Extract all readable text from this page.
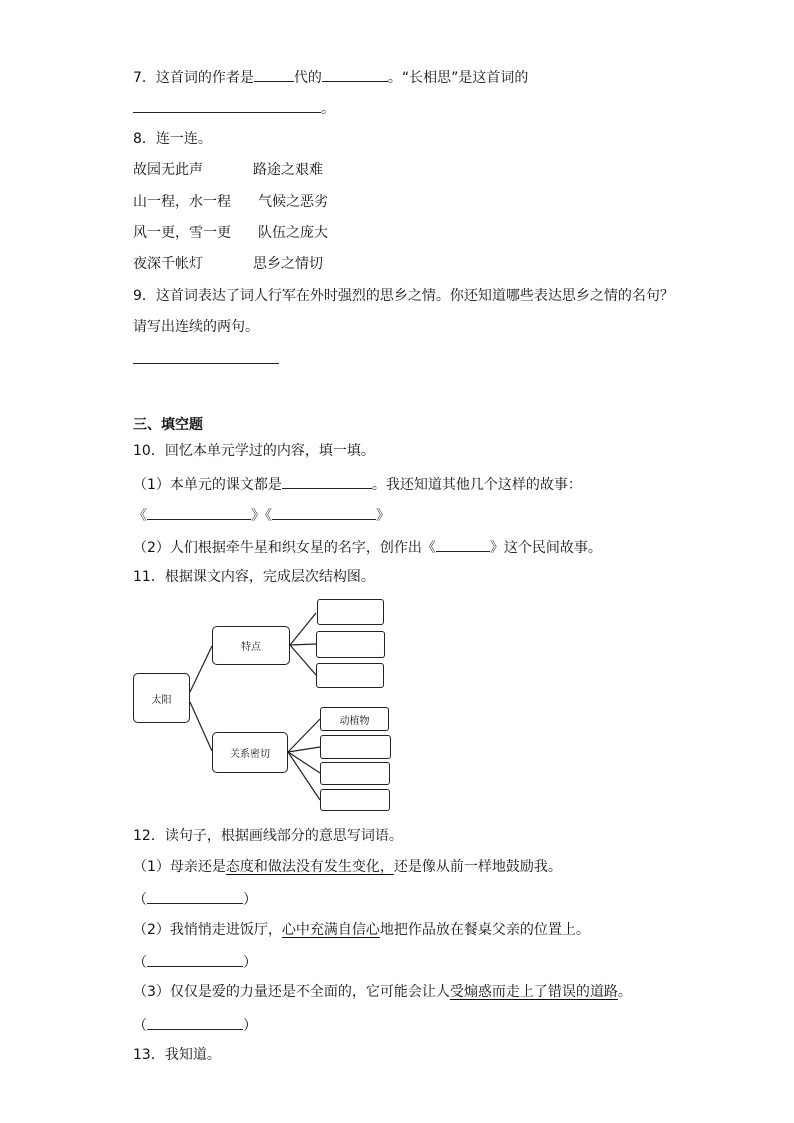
7．这首词的作者是	代的	。“长相思”是这首词的
。
8．连一连。
故园无此声	路途之艰难
山一程，水一程 气候之恶劣
风一更，雪一更 队伍之庞大
夜深千帐灯	思乡之情切
9．这首词表达了词人行军在外时强烈的思乡之情。你还知道哪些表达思乡之情的名句？
请写出连续的两句。
三、填空题
10．回忆本单元学过的内容，填一填。
（1）本单元的课文都是	。我还知道其他几个这样的故事：
《	》《	》
（2）人们根据牵牛星和织女星的名字，创作出《	》这个民间故事。
11．根据课文内容，完成层次结构图。
太阳
特点
关系密切
动植物
12．读句子，根据画线部分的意思写词语。
（1）母亲还是态度和做法没有发生变化，还是像从前一样地鼓励我。
（	）
（2）我悄悄走进饭厅，心中充满自信心地把作品放在餐桌父亲的位置上。
（	）
（3）仅仅是爱的力量还是不全面的，它可能会让人受煽惑而走上了错误的道路。
（	）
13．我知道。
